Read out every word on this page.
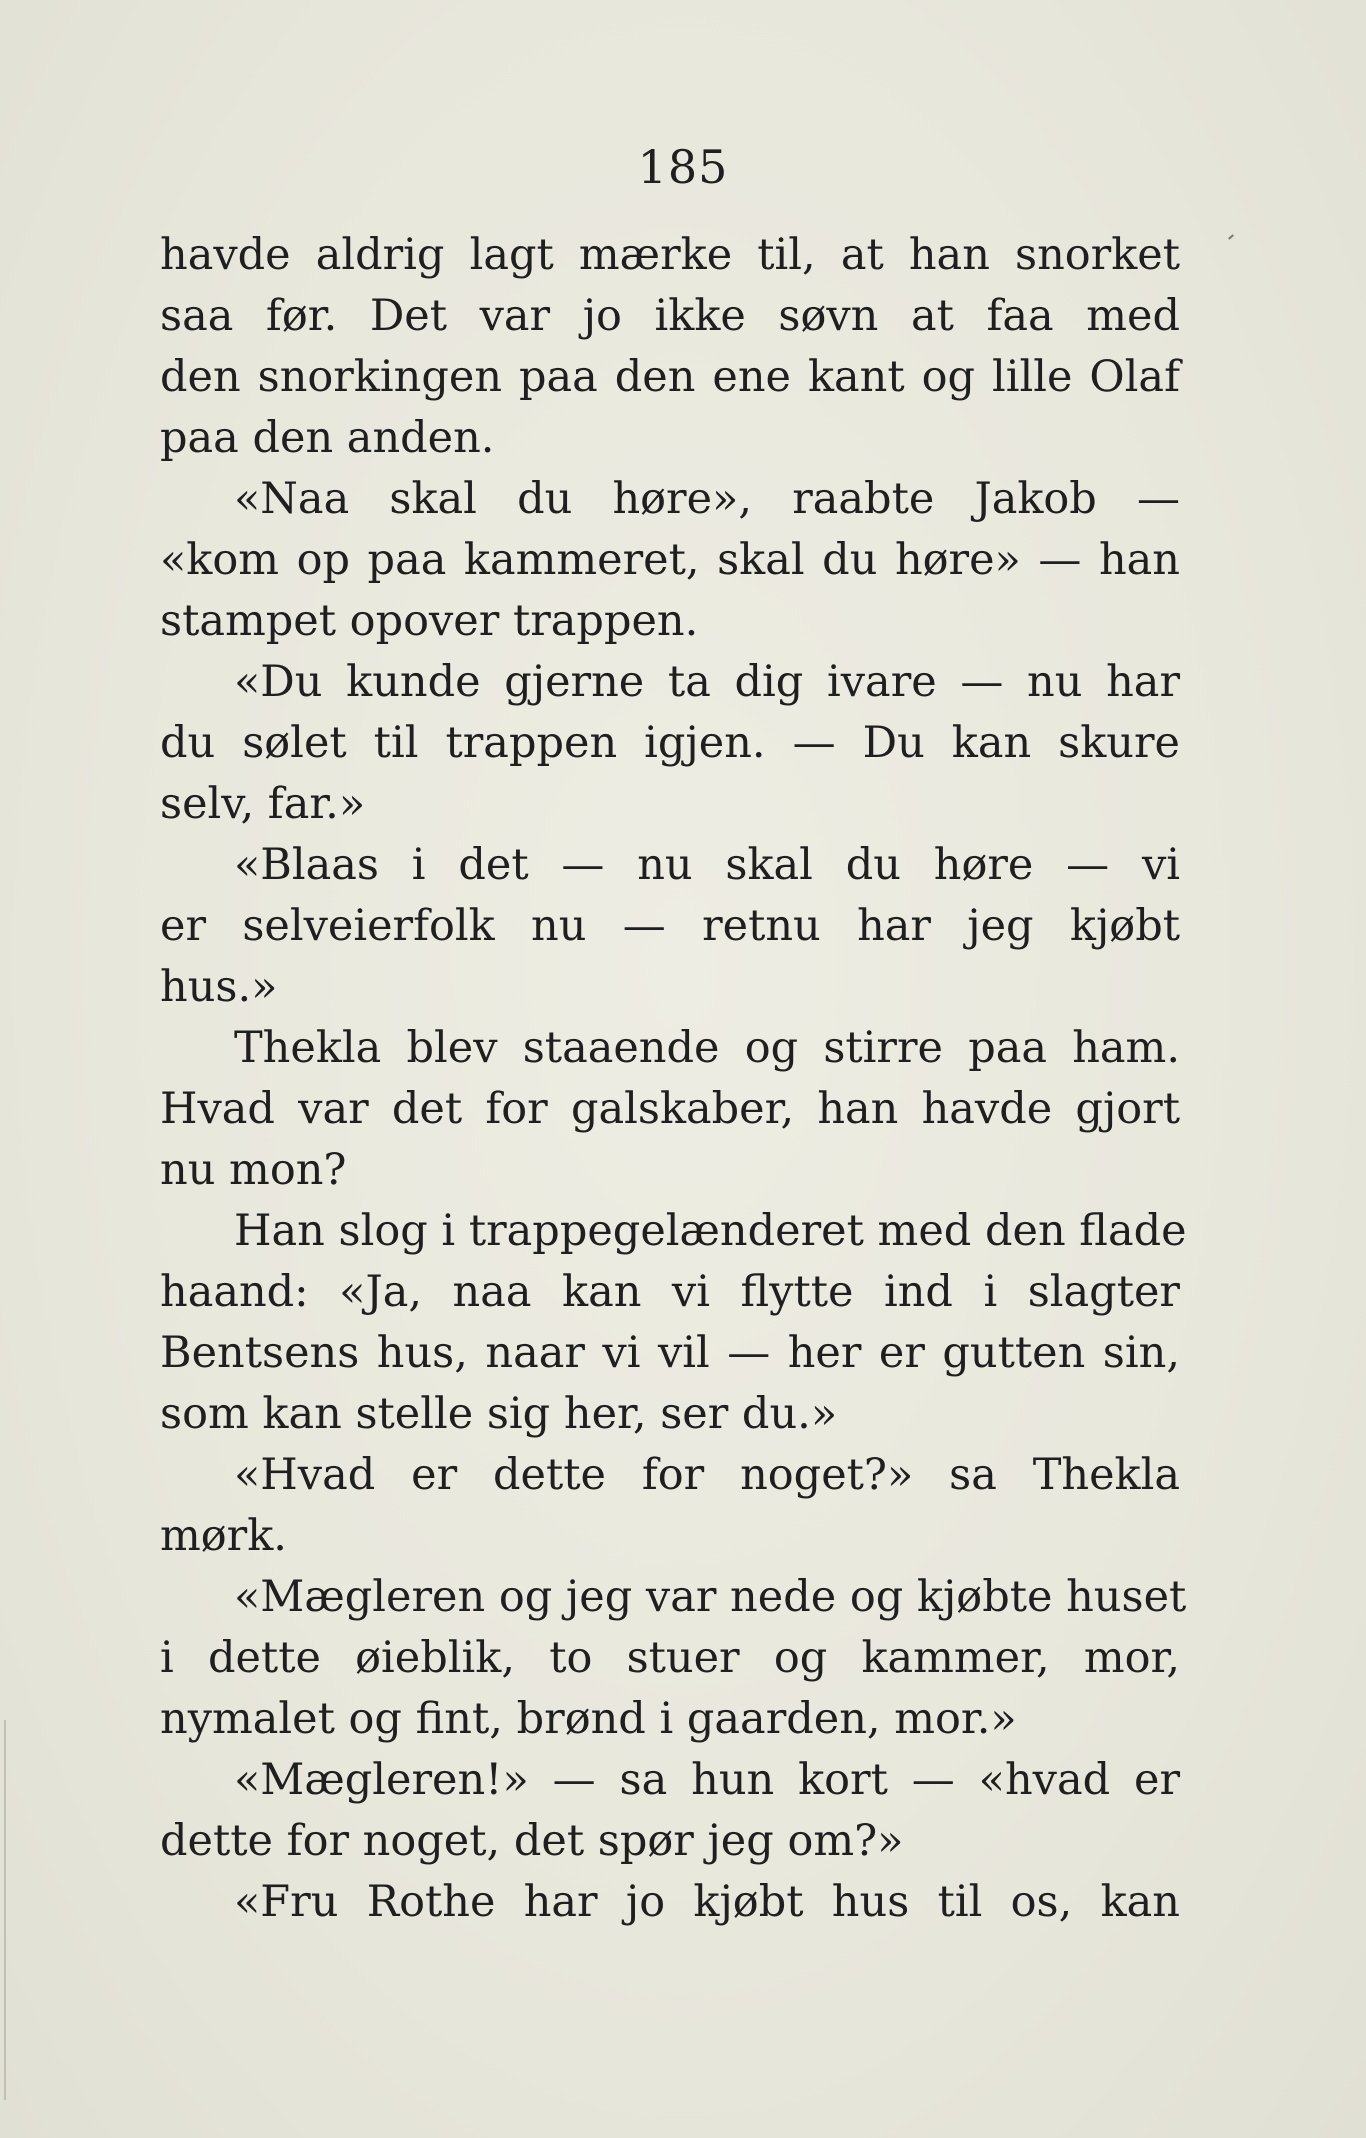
185
havde aldrig lagt mærke til, at han snorket
saa før. Det var jo ikke søvn at faa med
den snorkingen paa den ene kant og lille Olaf
paa den anden.
«Naa skal du høre», raabte Jakob —
«kom op paa kammeret, skal du høre» — han
stampet opover trappen.
«Du kunde gjerne ta dig ivare — nu har
du sølet til trappen igjen. — Du kan skure
selv, far.»
«Blaas i det — nu skal du høre — vi
er selveierfolk nu — retnu har jeg kjøbt
hus.»
Thekla blev staaende og stirre paa ham.
Hvad var det for galskaber, han havde gjort
nu mon?
Han slog i trappegelænderet med den flade
haand: «Ja, naa kan vi flytte ind i slagter
Bentsens hus, naar vi vil — her er gutten sin,
som kan stelle sig her, ser du.»
«Hvad er dette for noget?» sa Thekla
mørk.
«Mægleren og jeg var nede og kjøbte huset
i dette øieblik, to stuer og kammer, mor,
nymalet og fint, brønd i gaarden, mor.»
«Mægleren!» — sa hun kort — «hvad er
dette for noget, det spør jeg om?»
«Fru Rothe har jo kjøbt hus til os, kan
